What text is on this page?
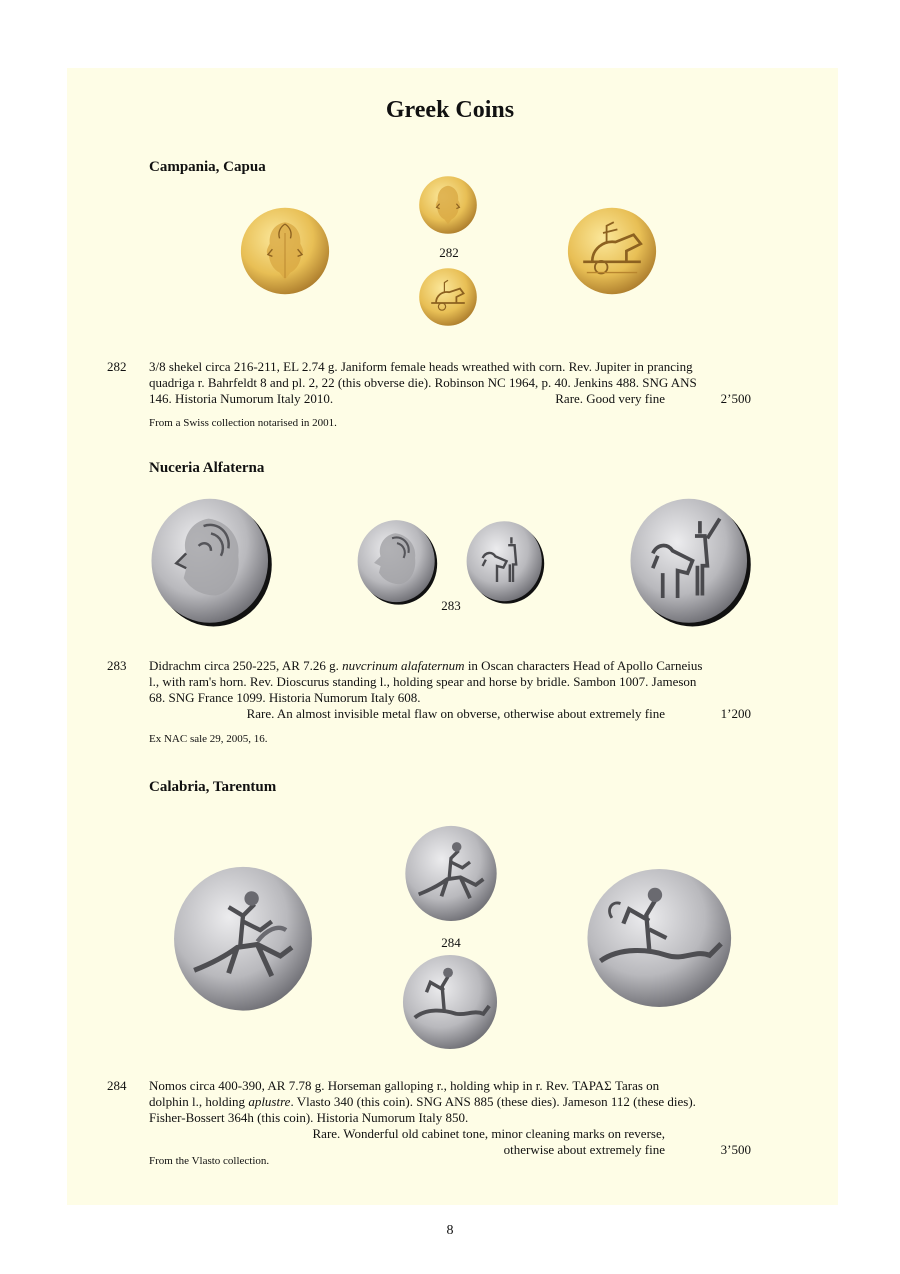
Greek Coins
Campania, Capua
282
282 3/8 shekel circa 216-211, EL 2.74 g. Janiform female heads wreathed with corn. Rev. Jupiter in prancing
quadriga r. Bahrfeldt 8 and pl. 2, 22 (this obverse die). Robinson NC 1964, p. 40. Jenkins 488. SNG ANS
146. Historia Numorum Italy 2010.	Rare. Good very fine	2’500
From a Swiss collection notarised in 2001.
Nuceria Alfaterna
283
283 Didrachm circa 250-225, AR 7.26 g. nuvcrinum alafaternum in Oscan characters Head of Apollo Carneius
l., with ram's horn. Rev. Dioscurus standing l., holding spear and horse by bridle. Sambon 1007. Jameson
68. SNG France 1099. Historia Numorum Italy 608.
Rare. An almost invisible metal flaw on obverse, otherwise about extremely fine	1’200
Ex NAC sale 29, 2005, 16.
Calabria, Tarentum
284
284 Nomos circa 400-390, AR 7.78 g. Horseman galloping r., holding whip in r. Rev. ΤΑΡΑΣ Taras on
dolphin l., holding aplustre. Vlasto 340 (this coin). SNG ANS 885 (these dies). Jameson 112 (these dies).
Fisher-Bossert 364h (this coin). Historia Numorum Italy 850.
Rare. Wonderful old cabinet tone, minor cleaning marks on reverse,
otherwise about extremely fine	3’500
From the Vlasto collection.
8
